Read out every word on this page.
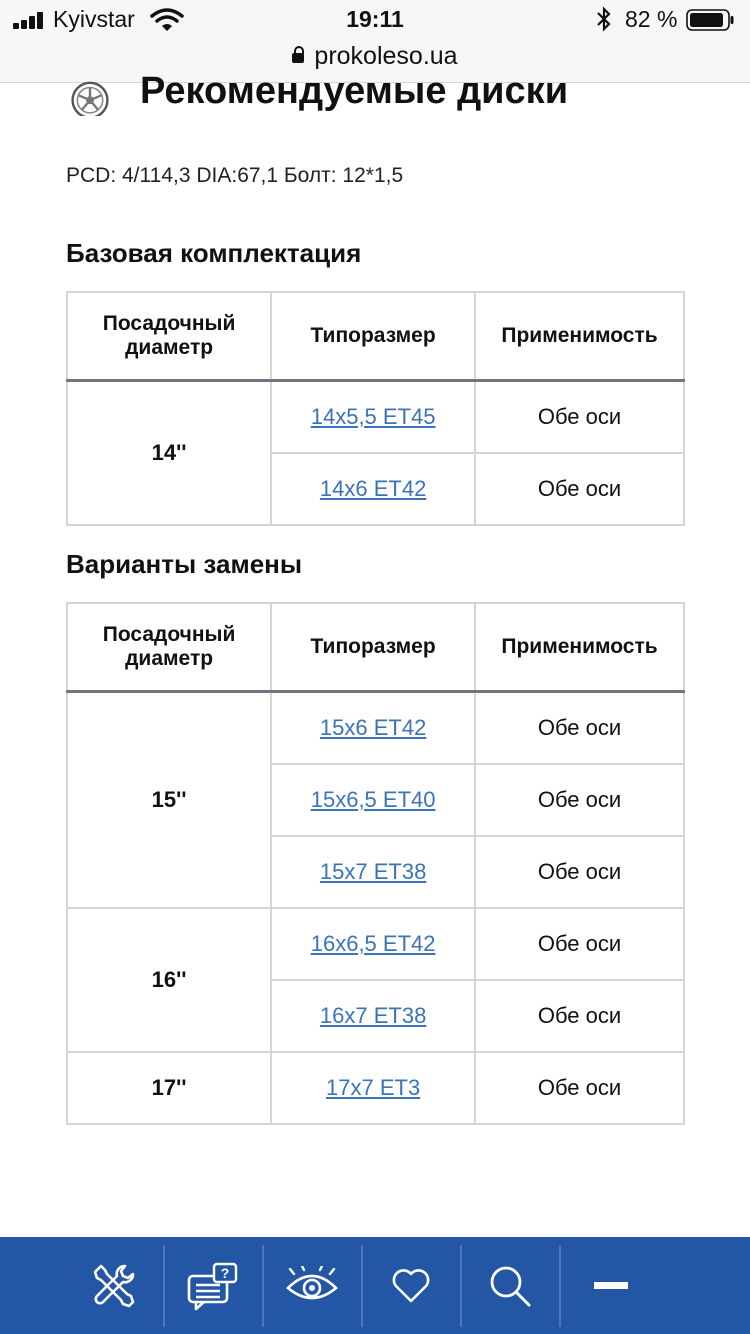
Kyivstar	19:11	82 %
prokoleso.ua
Рекомендуемые диски
PCD: 4/114,3 DIA:67,1 Болт: 12*1,5
Базовая комплектация
Посадочный диаметр	Типоразмер	Применимость
14''	14x5,5 ET45	Обе оси
	14x6 ET42	Обе оси
Варианты замены
Посадочный диаметр	Типоразмер	Применимость
15''	15x6 ET42	Обе оси
	15x6,5 ET40	Обе оси
	15x7 ET38	Обе оси
16''	16x6,5 ET42	Обе оси
	16x7 ET38	Обе оси
17''	17x7 ET3	Обе оси
?
